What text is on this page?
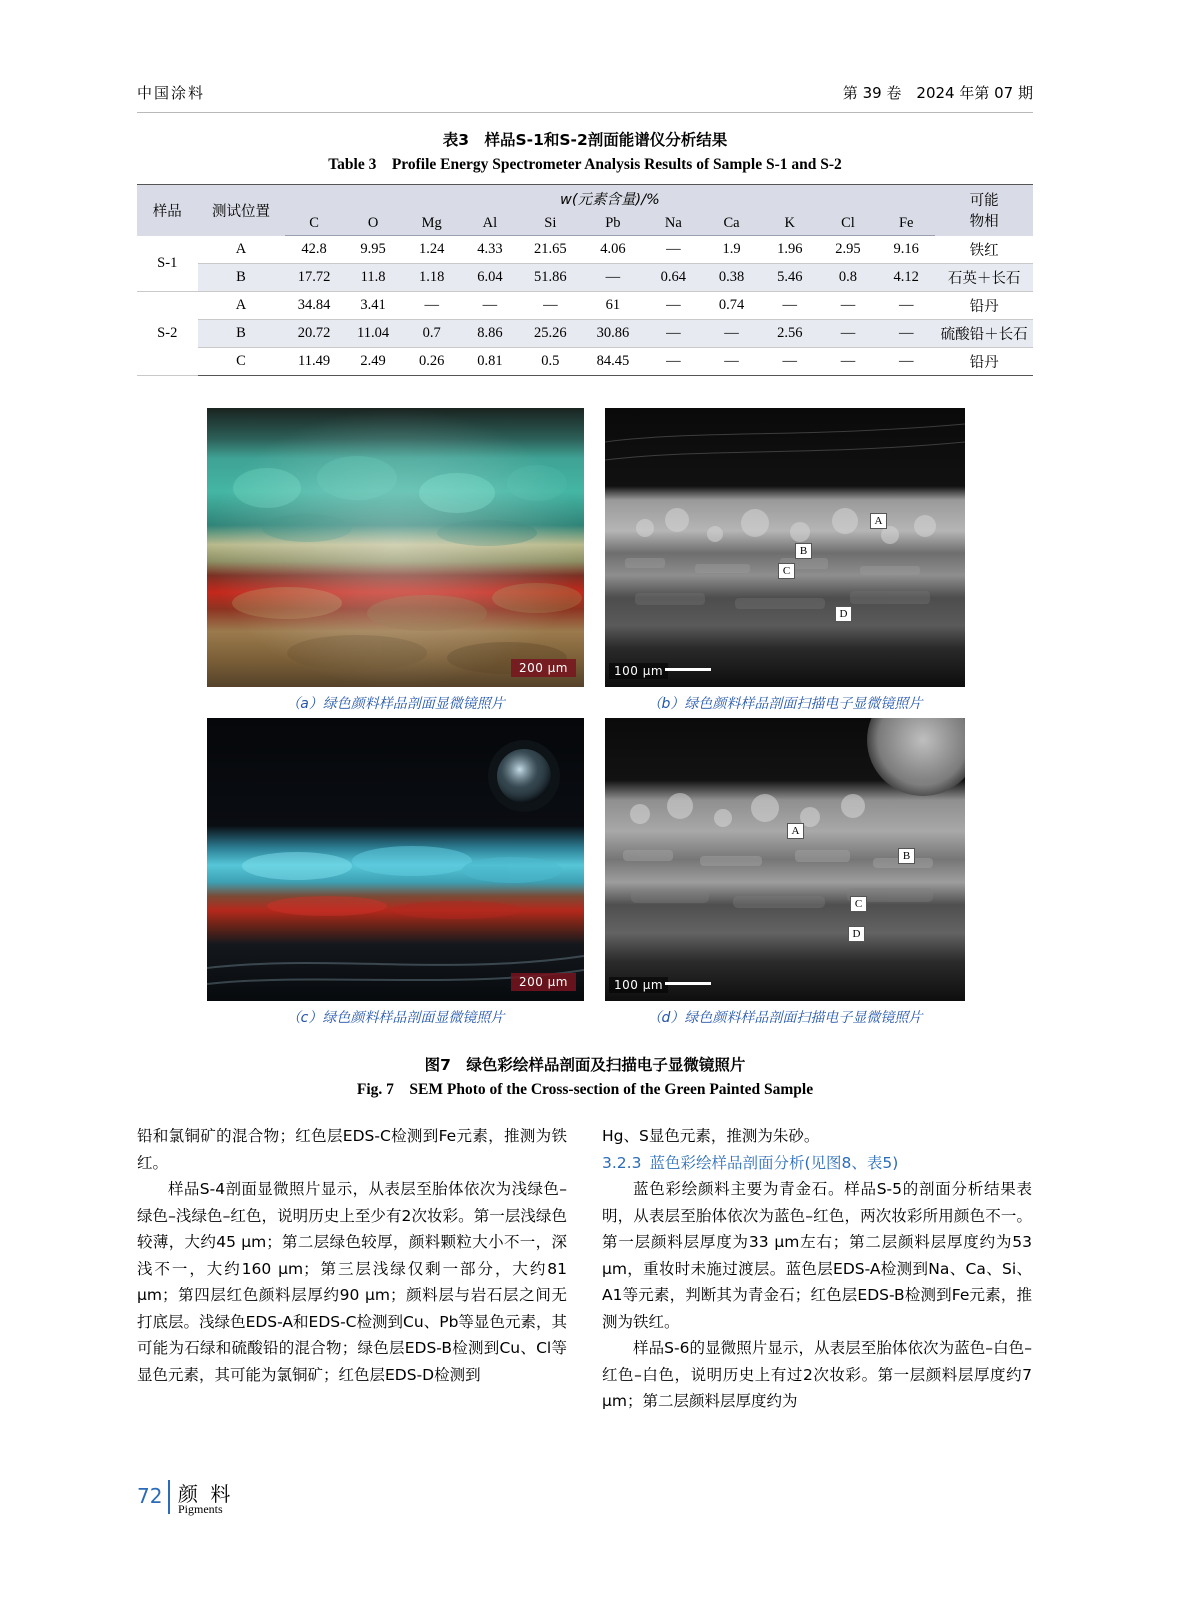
中国涂料	第 39 卷　2024 年第 07 期
表3　样品S-1和S-2剖面能谱仪分析结果
Table 3　Profile Energy Spectrometer Analysis Results of Sample S-1 and S-2
样品	测试位置	w(元素含量)/%											可能
物相

		C	O	Mg	Al	Si	Pb	Na	Ca	K	Cl	Fe	
S-1	A	42.8	9.95	1.24	4.33	21.65	4.06	—	1.9	1.96	2.95	9.16	铁红
	B	17.72	11.8	1.18	6.04	51.86	—	0.64	0.38	5.46	0.8	4.12	石英＋长石
S-2	A	34.84	3.41	—	—	—	61	—	0.74	—	—	—	铅丹
	B	20.72	11.04	0.7	8.86	25.26	30.86	—	—	2.56	—	—	硫酸铅＋长石
	C	11.49	2.49	0.26	0.81	0.5	84.45	—	—	—	—	—	铅丹
200 μm
A
B
C
D
100 μm
（a）绿色颜料样品剖面显微镜照片	（b）绿色颜料样品剖面扫描电子显微镜照片
200 μm
A
B
C
D
100 μm
（c）绿色颜料样品剖面显微镜照片	（d）绿色颜料样品剖面扫描电子显微镜照片
图7　绿色彩绘样品剖面及扫描电子显微镜照片
Fig. 7　SEM Photo of the Cross-section of the Green Painted Sample

铅和氯铜矿的混合物；红色层EDS-C检测到Fe元素，推测为铁红。

样品S-4剖面显微照片显示，从表层至胎体依次为浅绿色–绿色–浅绿色–红色，说明历史上至少有2次妆彩。第一层浅绿色较薄，大约45 μm；第二层绿色较厚，颜料颗粒大小不一，深浅不一，大约160 μm；第三层浅绿仅剩一部分，大约81 μm；第四层红色颜料层厚约90 μm；颜料层与岩石层之间无打底层。浅绿色EDS-A和EDS-C检测到Cu、Pb等显色元素，其可能为石绿和硫酸铅的混合物；绿色层EDS-B检测到Cu、Cl等显色元素，其可能为氯铜矿；红色层EDS-D检测到

Hg、S显色元素，推测为朱砂。

3.2.3 蓝色彩绘样品剖面分析(见图8、表5)

蓝色彩绘颜料主要为青金石。样品S-5的剖面分析结果表明，从表层至胎体依次为蓝色–红色，两次妆彩所用颜色不一。第一层颜料层厚度为33 μm左右；第二层颜料层厚度约为53 μm，重妆时未施过渡层。蓝色层EDS-A检测到Na、Ca、Si、A1等元素，判断其为青金石；红色层EDS-B检测到Fe元素，推测为铁红。

样品S-6的显微照片显示，从表层至胎体依次为蓝色–白色–红色–白色，说明历史上有过2次妆彩。第一层颜料层厚度约7 μm；第二层颜料层厚度约为

72 颜 料
Pigments
